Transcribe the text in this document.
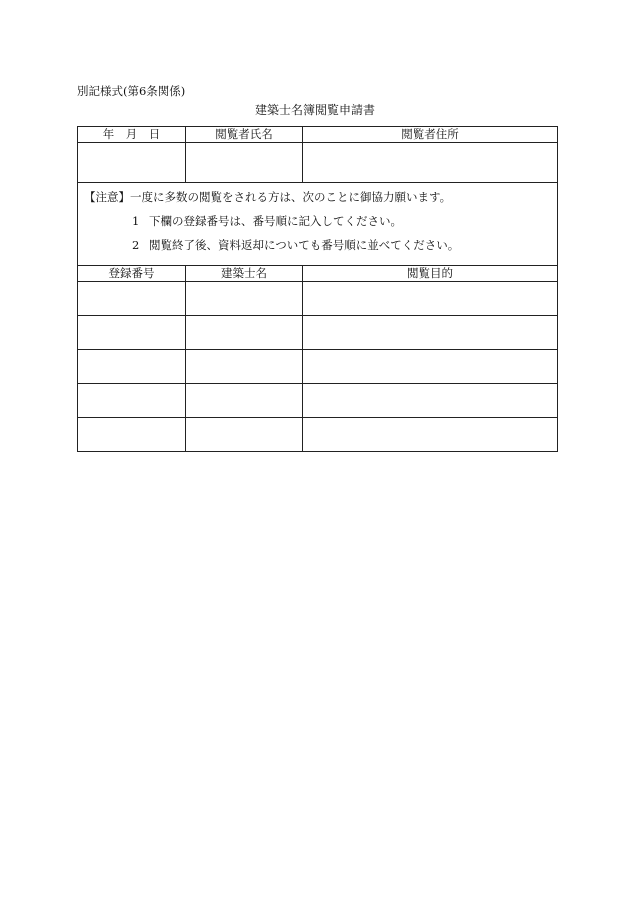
別記様式(第6条関係)
建築士名簿閲覧申請書
年　月　日	閲覧者氏名	閲覧者住所

【注意】一度に多数の閲覧をされる方は、次のことに御協力願います。
1 下欄の登録番号は、番号順に記入してください。
2 閲覧終了後、資料返却についても番号順に並べてください。		

登録番号	建築士名	閲覧目的
